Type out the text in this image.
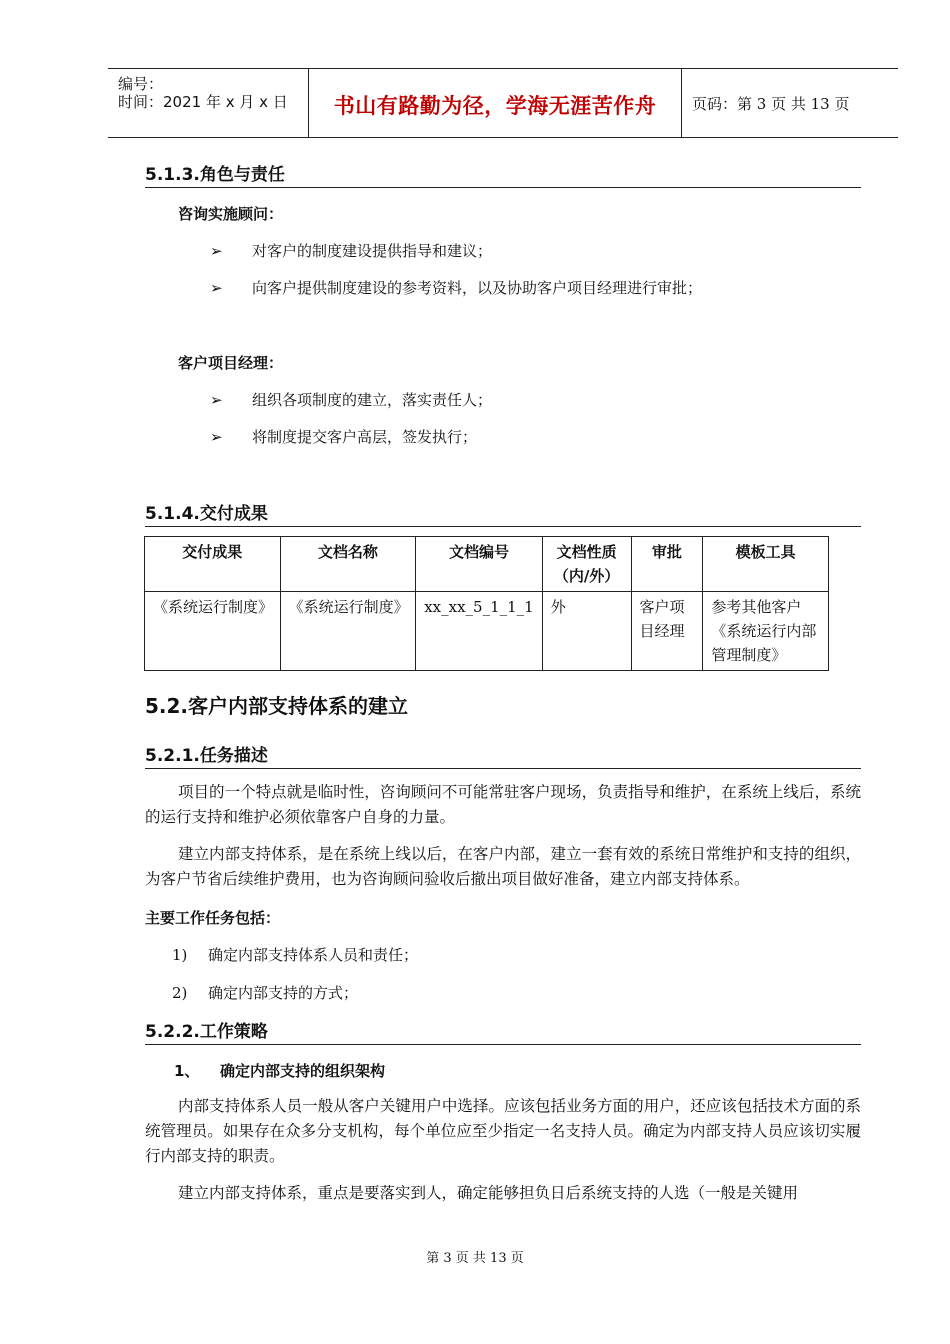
编号：
时间：2021 年 x 月 x 日	书山有路勤为径，学海无涯苦作舟	页码：第 3 页 共 13 页
5.1.3.角色与责任
咨询实施顾问：
➢ 对客户的制度建设提供指导和建议；
➢ 向客户提供制度建设的参考资料，以及协助客户项目经理进行审批；
客户项目经理：
➢ 组织各项制度的建立，落实责任人；
➢ 将制度提交客户高层，签发执行；
5.1.4.交付成果
交付成果	文档名称	文档编号	文档性质（内/外）	审批	模板工具
《系统运行制度》	《系统运行制度》	xx_xx_5_1_1_1	外	客户项目经理	参考其他客户《系统运行内部管理制度》
5.2.客户内部支持体系的建立
5.2.1.任务描述
项目的一个特点就是临时性，咨询顾问不可能常驻客户现场，负责指导和维护，在系统上线后，系统的运行支持和维护必须依靠客户自身的力量。
建立内部支持体系，是在系统上线以后，在客户内部，建立一套有效的系统日常维护和支持的组织，为客户节省后续维护费用，也为咨询顾问验收后撤出项目做好准备，建立内部支持体系。
主要工作任务包括：
1) 确定内部支持体系人员和责任；
2) 确定内部支持的方式；
5.2.2.工作策略
1、 确定内部支持的组织架构
内部支持体系人员一般从客户关键用户中选择。应该包括业务方面的用户，还应该包括技术方面的系统管理员。如果存在众多分支机构，每个单位应至少指定一名支持人员。确定为内部支持人员应该切实履行内部支持的职责。
建立内部支持体系，重点是要落实到人，确定能够担负日后系统支持的人选（一般是关键用
第 3 页 共 13 页
